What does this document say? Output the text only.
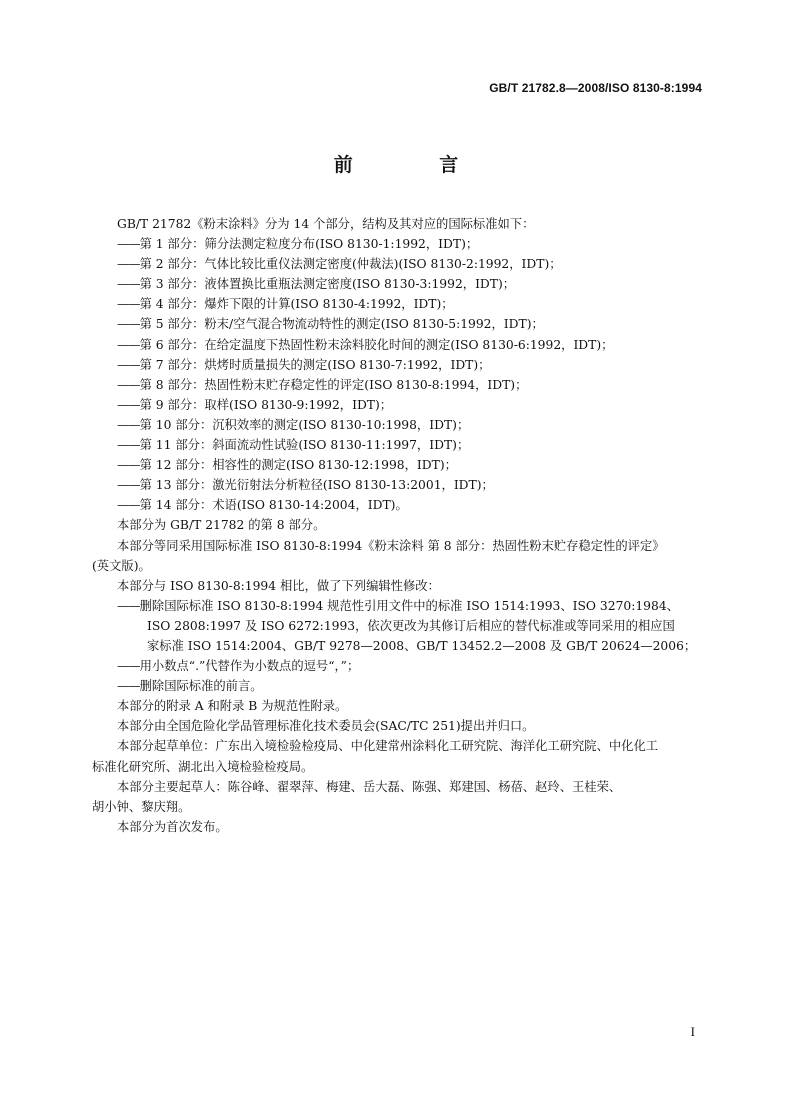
GB/T 21782.8—2008/ISO 8130-8:1994
前 言
GB/T 21782《粉末涂料》分为 14 个部分，结构及其对应的国际标准如下：
—— 第 1 部分：筛分法测定粒度分布(ISO 8130-1:1992，IDT)；
—— 第 2 部分：气体比较比重仪法测定密度(仲裁法)(ISO 8130-2:1992，IDT)；
—— 第 3 部分：液体置换比重瓶法测定密度(ISO 8130-3:1992，IDT)；
—— 第 4 部分：爆炸下限的计算(ISO 8130-4:1992，IDT)；
—— 第 5 部分：粉末/空气混合物流动特性的测定(ISO 8130-5:1992，IDT)；
—— 第 6 部分：在给定温度下热固性粉末涂料胶化时间的测定(ISO 8130-6:1992，IDT)；
—— 第 7 部分：烘烤时质量损失的测定(ISO 8130-7:1992，IDT)；
—— 第 8 部分：热固性粉末贮存稳定性的评定(ISO 8130-8:1994，IDT)；
—— 第 9 部分：取样(ISO 8130-9:1992，IDT)；
—— 第 10 部分：沉积效率的测定(ISO 8130-10:1998，IDT)；
—— 第 11 部分：斜面流动性试验(ISO 8130-11:1997，IDT)；
—— 第 12 部分：相容性的测定(ISO 8130-12:1998，IDT)；
—— 第 13 部分：激光衍射法分析粒径(ISO 8130-13:2001，IDT)；
—— 第 14 部分：术语(ISO 8130-14:2004，IDT)。
本部分为 GB/T 21782 的第 8 部分。
本部分等同采用国际标准 ISO 8130-8:1994《粉末涂料 第 8 部分：热固性粉末贮存稳定性的评定》
(英文版)。
本部分与 ISO 8130-8:1994 相比，做了下列编辑性修改：
—— 删除国际标准 ISO 8130-8:1994 规范性引用文件中的标准 ISO 1514:1993、ISO 3270:1984、
ISO 2808:1997 及 ISO 6272:1993，依次更改为其修订后相应的替代标准或等同采用的相应国
家标准 ISO 1514:2004、GB/T 9278—2008、GB/T 13452.2—2008 及 GB/T 20624—2006；
—— 用小数点“.”代替作为小数点的逗号“，”；
—— 删除国际标准的前言。
本部分的附录 A 和附录 B 为规范性附录。
本部分由全国危险化学品管理标准化技术委员会(SAC/TC 251)提出并归口。
本部分起草单位：广东出入境检验检疫局、中化建常州涂料化工研究院、海洋化工研究院、中化化工
标准化研究所、湖北出入境检验检疫局。
本部分主要起草人：陈谷峰、翟翠萍、梅建、岳大磊、陈强、郑建国、杨蓓、赵玲、王桂荣、
胡小钟、黎庆翔。
本部分为首次发布。
I
